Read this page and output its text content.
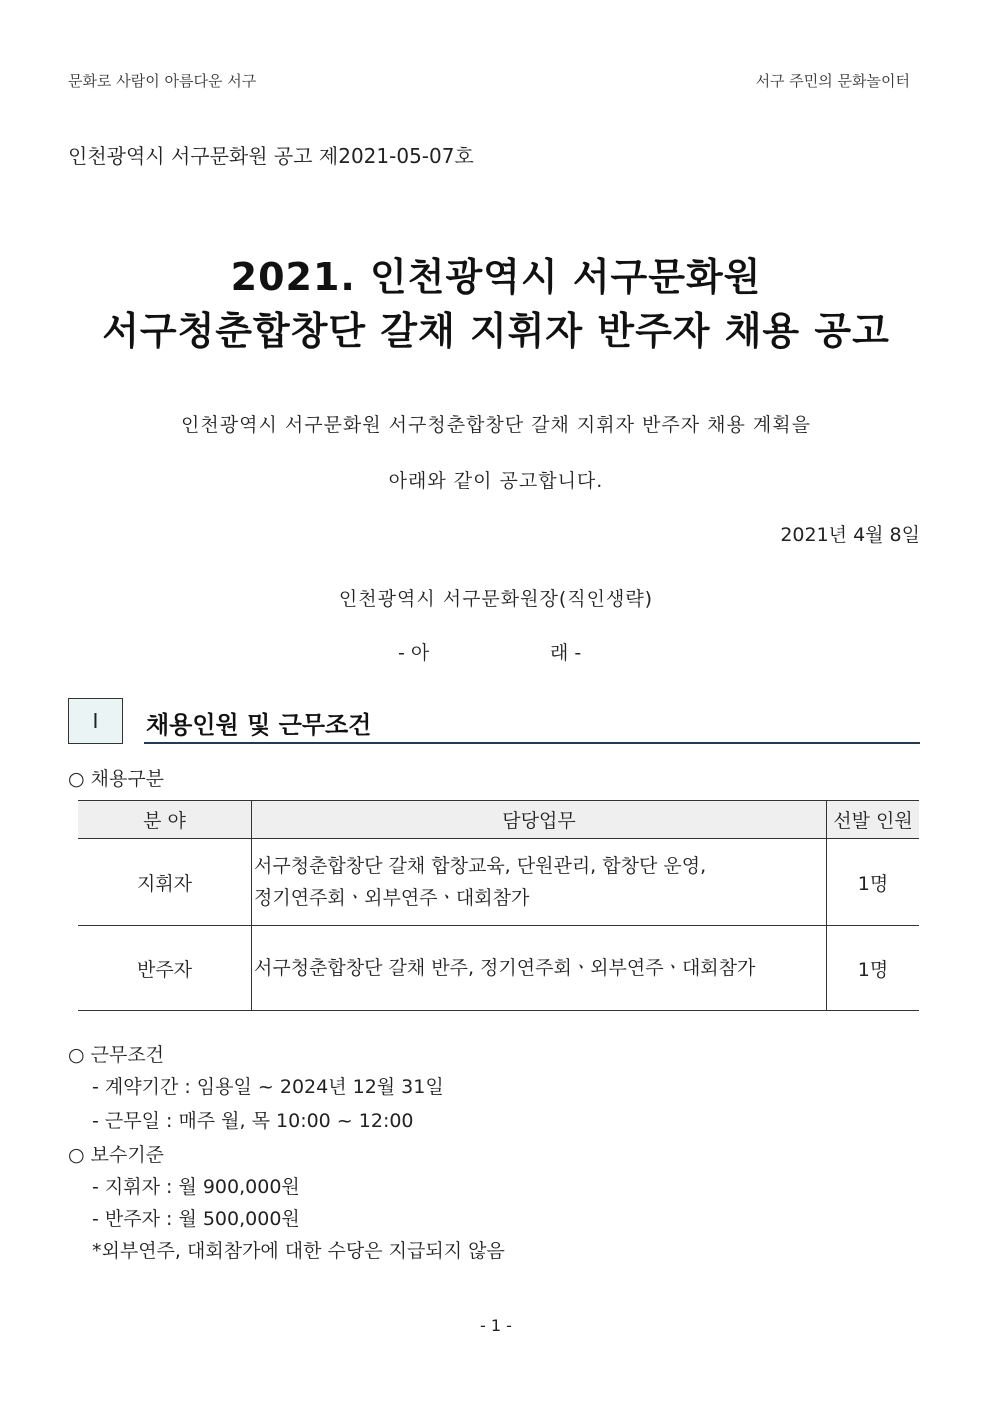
문화로 사람이 아름다운 서구	서구 주민의 문화놀이터
인천광역시 서구문화원 공고 제2021-05-07호
2021. 인천광역시 서구문화원
서구청춘합창단 갈채 지휘자 반주자 채용 공고
인천광역시 서구문화원 서구청춘합창단 갈채 지휘자 반주자 채용 계획을
아래와 같이 공고합니다.
2021년 4월 8일
인천광역시 서구문화원장(직인생략)
- 아	래 -
Ⅰ 채용인원 및 근무조건
○ 채용구분
분 야	담당업무	선발 인원
지휘자	서구청춘합창단 갈채 합창교육, 단원관리, 합창단 운영,
정기연주회ㆍ외부연주ㆍ대회참가	1명
반주자	서구청춘합창단 갈채 반주, 정기연주회ㆍ외부연주ㆍ대회참가	1명
○ 근무조건
- 계약기간 : 임용일 ~ 2024년 12월 31일
- 근무일 : 매주 월, 목 10:00 ~ 12:00
○ 보수기준
- 지휘자 : 월 900,000원
- 반주자 : 월 500,000원
*외부연주, 대회참가에 대한 수당은 지급되지 않음
- 1 -
